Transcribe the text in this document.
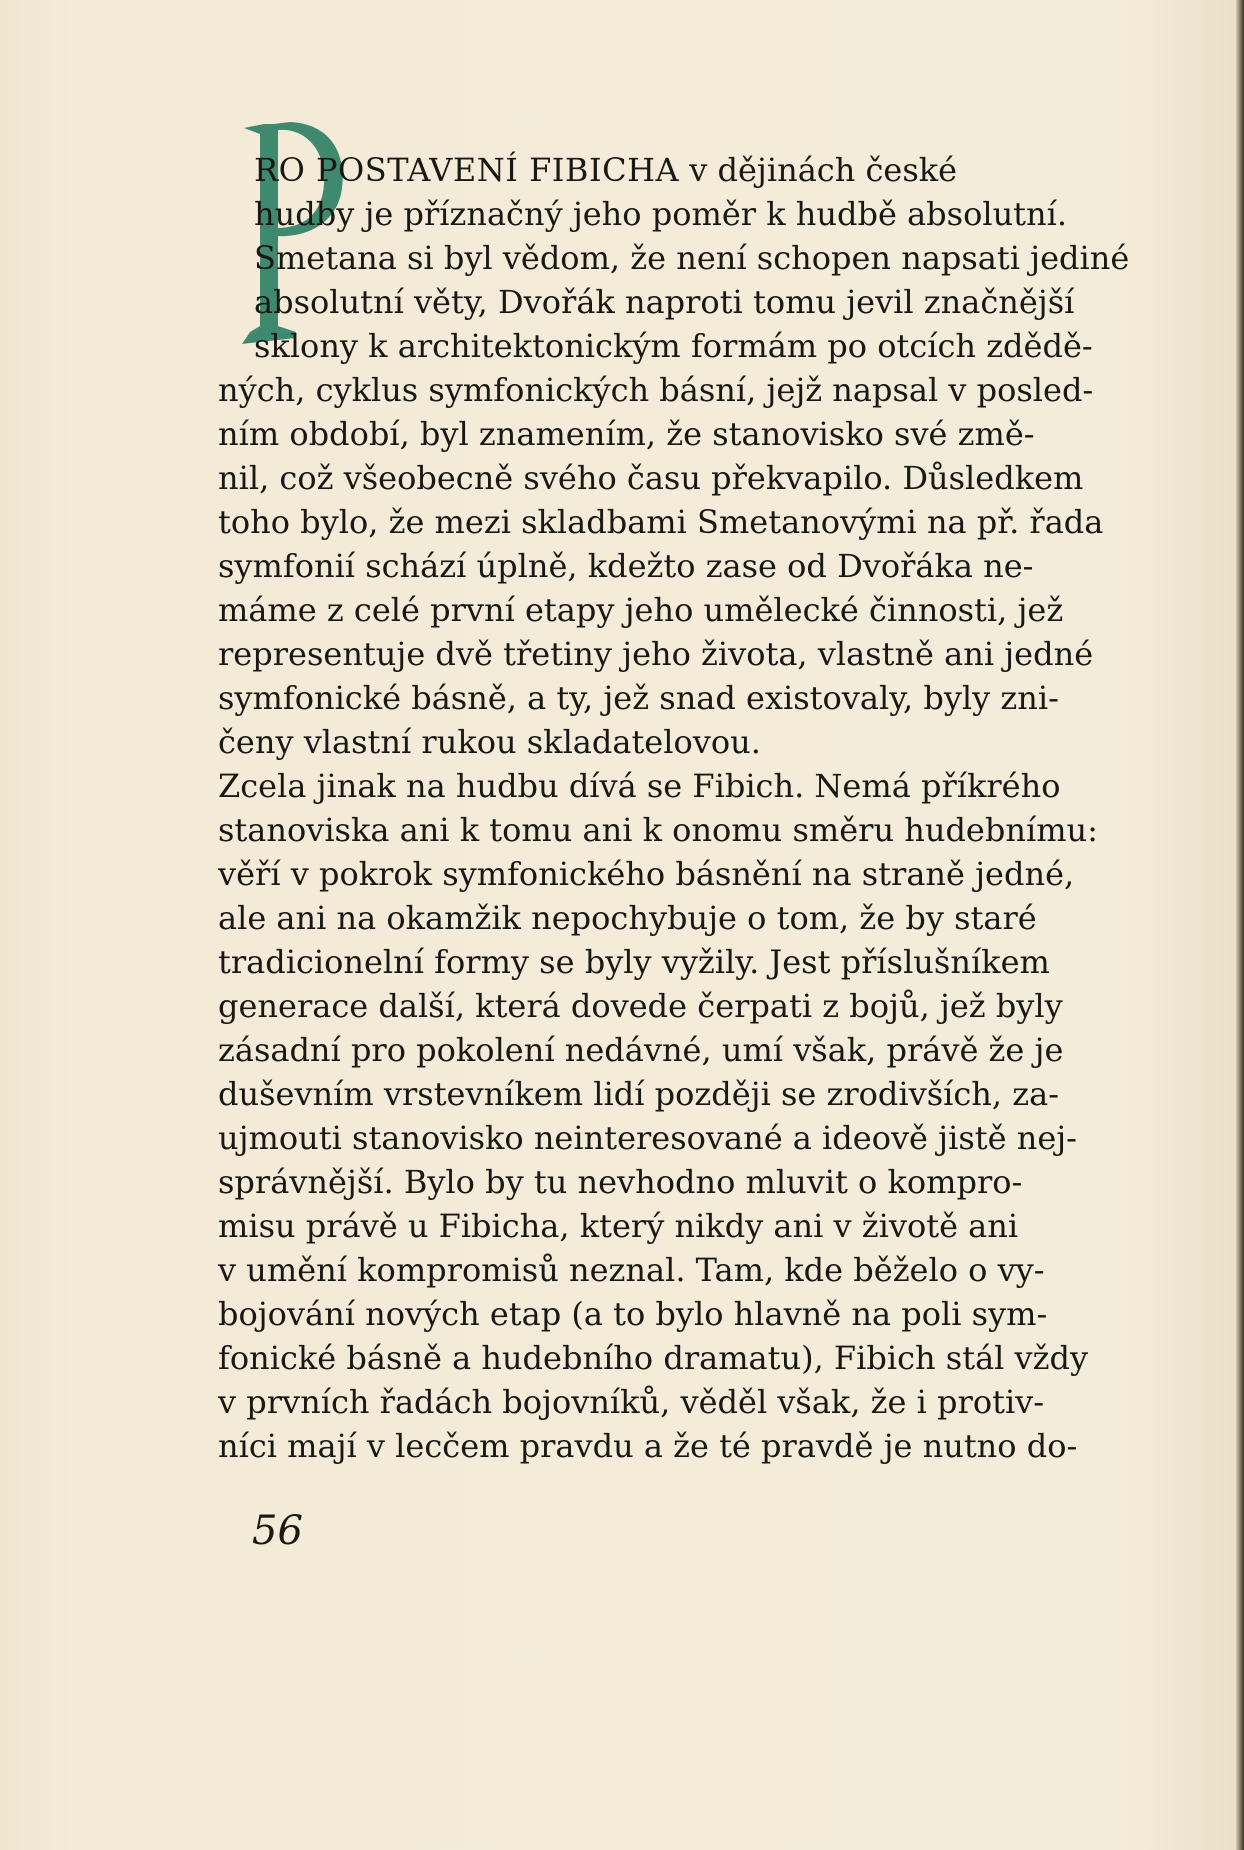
RO POSTAVENÍ FIBICHA v dějinách české
hudby je příznačný jeho poměr k hudbě absolutní.
Smetana si byl vědom, že není schopen napsati jediné
absolutní věty, Dvořák naproti tomu jevil značnější
sklony k architektonickým formám po otcích zdědě-
ných, cyklus symfonických básní, jejž napsal v posled-
ním období, byl znamením, že stanovisko své změ-
nil, což všeobecně svého času překvapilo. Důsledkem
toho bylo, že mezi skladbami Smetanovými na př. řada
symfonií schází úplně, kdežto zase od Dvořáka ne-
máme z celé první etapy jeho umělecké činnosti, jež
representuje dvě třetiny jeho života, vlastně ani jedné
symfonické básně, a ty, jež snad existovaly, byly zni-
čeny vlastní rukou skladatelovou.
Zcela jinak na hudbu dívá se Fibich. Nemá příkrého
stanoviska ani k tomu ani k onomu směru hudebnímu:
věří v pokrok symfonického básnění na straně jedné,
ale ani na okamžik nepochybuje o tom, že by staré
tradicionelní formy se byly vyžily. Jest příslušníkem
generace další, která dovede čerpati z bojů, jež byly
zásadní pro pokolení nedávné, umí však, právě že je
duševním vrstevníkem lidí později se zrodivších, za-
ujmouti stanovisko neinteresované a ideově jistě nej-
správnější. Bylo by tu nevhodno mluvit o kompro-
misu právě u Fibicha, který nikdy ani v životě ani
v umění kompromisů neznal. Tam, kde běželo o vy-
bojování nových etap (a to bylo hlavně na poli sym-
fonické básně a hudebního dramatu), Fibich stál vždy
v prvních řadách bojovníků, věděl však, že i protiv-
níci mají v lecčem pravdu a že té pravdě je nutno do-
56
